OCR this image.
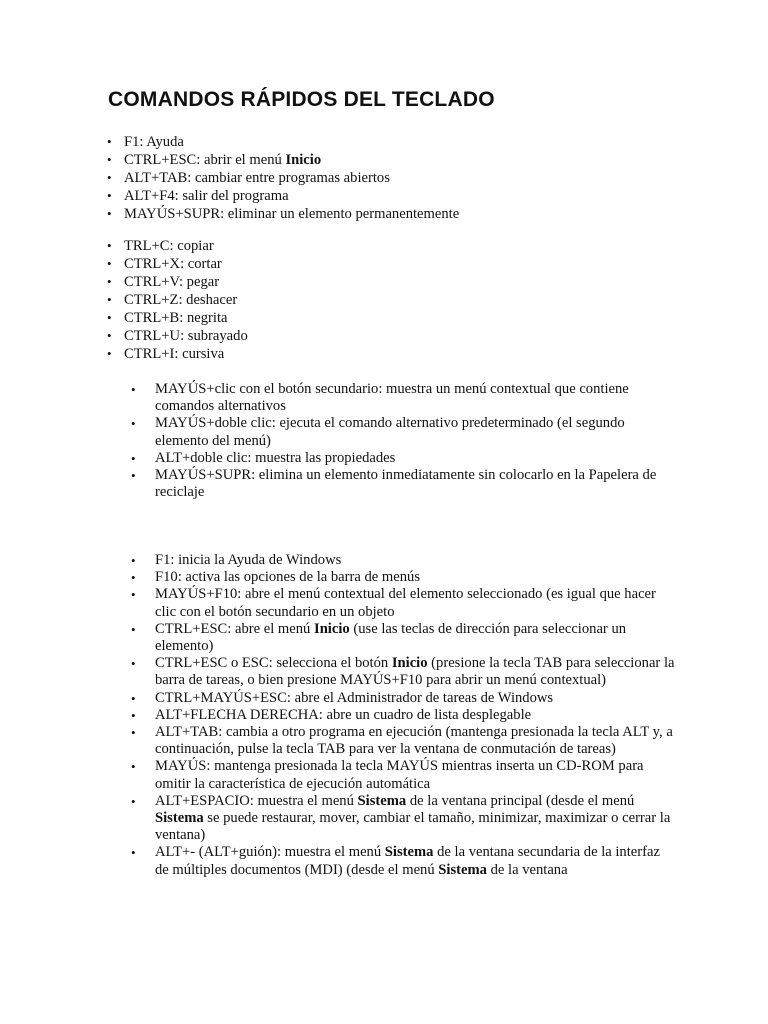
COMANDOS RÁPIDOS DEL TECLADO
• F1: Ayuda
• CTRL+ESC: abrir el menú Inicio
• ALT+TAB: cambiar entre programas abiertos
• ALT+F4: salir del programa
• MAYÚS+SUPR: eliminar un elemento permanentemente
• TRL+C: copiar
• CTRL+X: cortar
• CTRL+V: pegar
• CTRL+Z: deshacer
• CTRL+B: negrita
• CTRL+U: subrayado
• CTRL+I: cursiva
• MAYÚS+clic con el botón secundario: muestra un menú contextual que contiene comandos alternativos
• MAYÚS+doble clic: ejecuta el comando alternativo predeterminado (el segundo elemento del menú)
• ALT+doble clic: muestra las propiedades
• MAYÚS+SUPR: elimina un elemento inmediatamente sin colocarlo en la Papelera de reciclaje
• F1: inicia la Ayuda de Windows
• F10: activa las opciones de la barra de menús
• MAYÚS+F10: abre el menú contextual del elemento seleccionado (es igual que hacer clic con el botón secundario en un objeto
• CTRL+ESC: abre el menú Inicio (use las teclas de dirección para seleccionar un elemento)
• CTRL+ESC o ESC: selecciona el botón Inicio (presione la tecla TAB para seleccionar la barra de tareas, o bien presione MAYÚS+F10 para abrir un menú contextual)
• CTRL+MAYÚS+ESC: abre el Administrador de tareas de Windows
• ALT+FLECHA DERECHA: abre un cuadro de lista desplegable
• ALT+TAB: cambia a otro programa en ejecución (mantenga presionada la tecla ALT y, a continuación, pulse la tecla TAB para ver la ventana de conmutación de tareas)
• MAYÚS: mantenga presionada la tecla MAYÚS mientras inserta un CD-ROM para omitir la característica de ejecución automática
• ALT+ESPACIO: muestra el menú Sistema de la ventana principal (desde el menú Sistema se puede restaurar, mover, cambiar el tamaño, minimizar, maximizar o cerrar la ventana)
• ALT+- (ALT+guión): muestra el menú Sistema de la ventana secundaria de la interfaz de múltiples documentos (MDI) (desde el menú Sistema de la ventana
